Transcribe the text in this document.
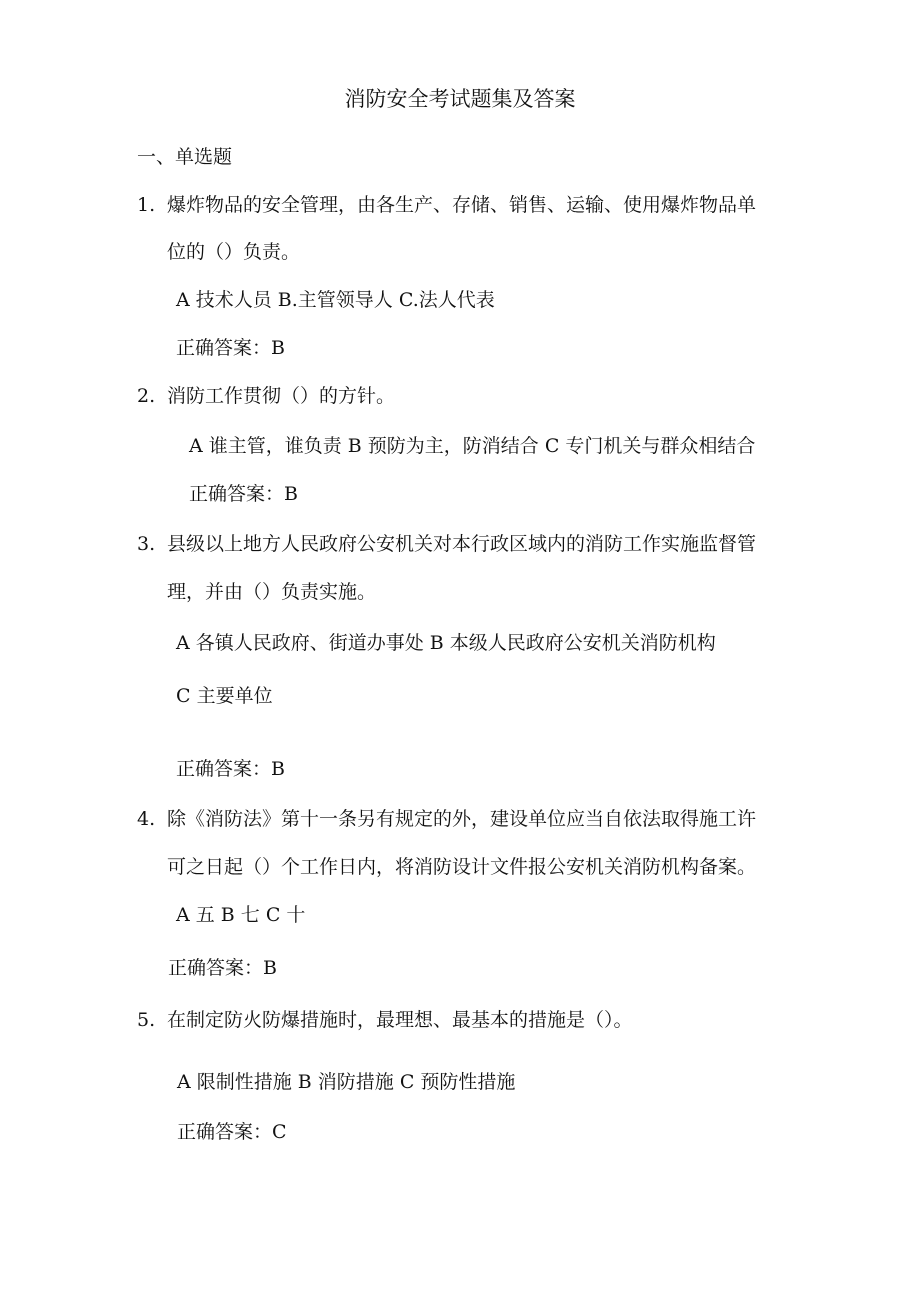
消防安全考试题集及答案
一、单选题
1. 爆炸物品的安全管理，由各生产、存储、销售、运输、使用爆炸物品单
位的（）负责。
A 技术人员 B.主管领导人 C.法人代表
正确答案：B
2. 消防工作贯彻（）的方针。
A 谁主管，谁负责 B 预防为主，防消结合 C 专门机关与群众相结合
正确答案：B
3. 县级以上地方人民政府公安机关对本行政区域内的消防工作实施监督管
理，并由（）负责实施。
A 各镇人民政府、街道办事处 B 本级人民政府公安机关消防机构
C 主要单位
正确答案：B
4. 除《消防法》第十一条另有规定的外，建设单位应当自依法取得施工许
可之日起（）个工作日内，将消防设计文件报公安机关消防机构备案。
A 五 B 七 C 十
正确答案：B
5. 在制定防火防爆措施时，最理想、最基本的措施是（）。
A 限制性措施 B 消防措施 C 预防性措施
正确答案：C
